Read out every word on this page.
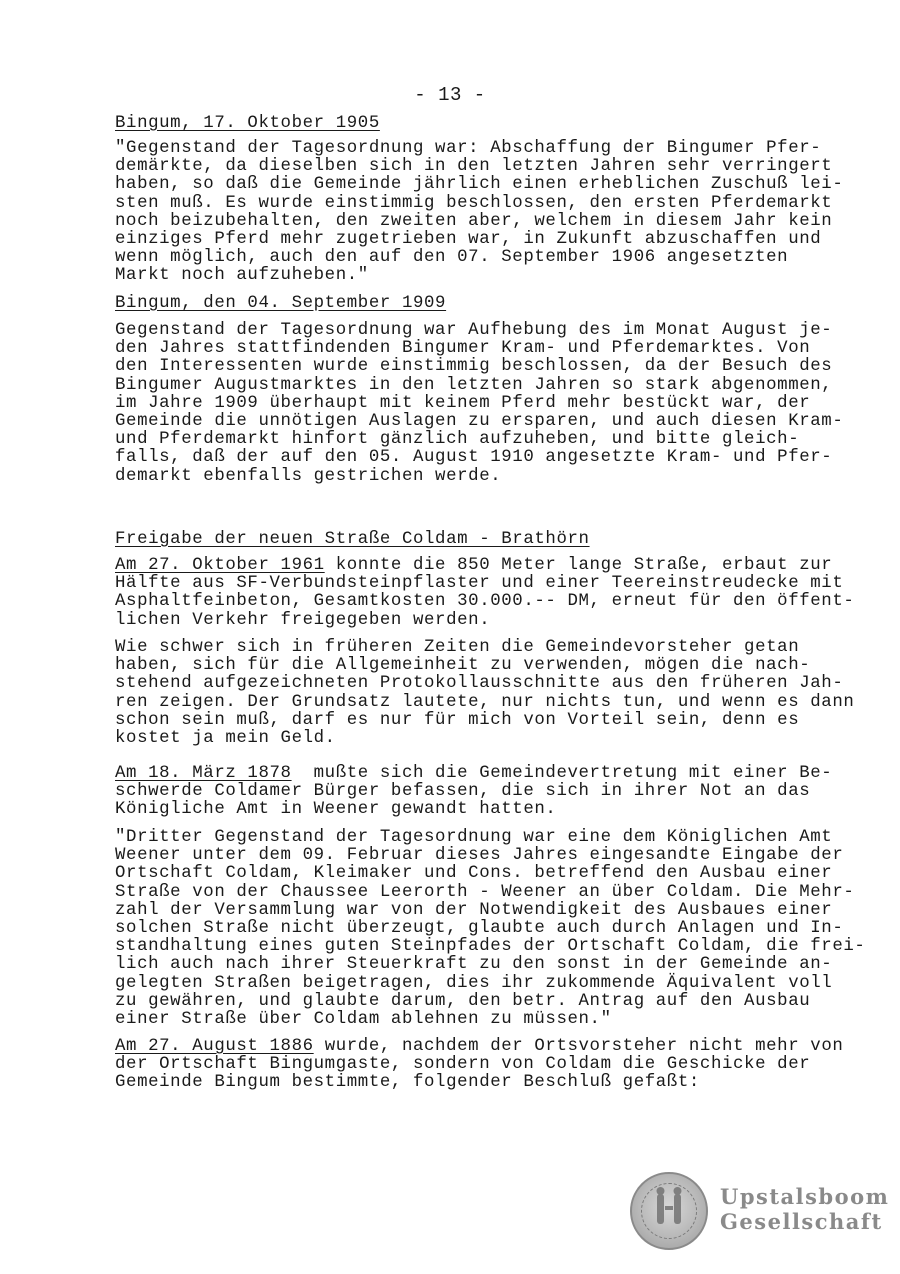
- 13 -
Bingum, 17. Oktober 1905
"Gegenstand der Tagesordnung war: Abschaffung der Bingumer Pfer-
demärkte, da dieselben sich in den letzten Jahren sehr verringert
haben, so daß die Gemeinde jährlich einen erheblichen Zuschuß lei-
sten muß. Es wurde einstimmig beschlossen, den ersten Pferdemarkt
noch beizubehalten, den zweiten aber, welchem in diesem Jahr kein
einziges Pferd mehr zugetrieben war, in Zukunft abzuschaffen und
wenn möglich, auch den auf den 07. September 1906 angesetzten
Markt noch aufzuheben."
Bingum, den 04. September 1909
Gegenstand der Tagesordnung war Aufhebung des im Monat August je-
den Jahres stattfindenden Bingumer Kram- und Pferdemarktes. Von
den Interessenten wurde einstimmig beschlossen, da der Besuch des
Bingumer Augustmarktes in den letzten Jahren so stark abgenommen,
im Jahre 1909 überhaupt mit keinem Pferd mehr bestückt war, der
Gemeinde die unnötigen Auslagen zu ersparen, und auch diesen Kram-
und Pferdemarkt hinfort gänzlich aufzuheben, und bitte gleich-
falls, daß der auf den 05. August 1910 angesetzte Kram- und Pfer-
demarkt ebenfalls gestrichen werde.
Freigabe der neuen Straße Coldam - Brathörn
Am 27. Oktober 1961 konnte die 850 Meter lange Straße, erbaut zur
Hälfte aus SF-Verbundsteinpflaster und einer Teereinstreudecke mit
Asphaltfeinbeton, Gesamtkosten 30.000.-- DM, erneut für den öffent-
lichen Verkehr freigegeben werden.
Wie schwer sich in früheren Zeiten die Gemeindevorsteher getan
haben, sich für die Allgemeinheit zu verwenden, mögen die nach-
stehend aufgezeichneten Protokollausschnitte aus den früheren Jah-
ren zeigen. Der Grundsatz lautete, nur nichts tun, und wenn es dann
schon sein muß, darf es nur für mich von Vorteil sein, denn es
kostet ja mein Geld.
Am 18. März 1878  mußte sich die Gemeindevertretung mit einer Be-
schwerde Coldamer Bürger befassen, die sich in ihrer Not an das
Königliche Amt in Weener gewandt hatten.
"Dritter Gegenstand der Tagesordnung war eine dem Königlichen Amt
Weener unter dem 09. Februar dieses Jahres eingesandte Eingabe der
Ortschaft Coldam, Kleimaker und Cons. betreffend den Ausbau einer
Straße von der Chaussee Leerorth - Weener an über Coldam. Die Mehr-
zahl der Versammlung war von der Notwendigkeit des Ausbaues einer
solchen Straße nicht überzeugt, glaubte auch durch Anlagen und In-
standhaltung eines guten Steinpfades der Ortschaft Coldam, die frei-
lich auch nach ihrer Steuerkraft zu den sonst in der Gemeinde an-
gelegten Straßen beigetragen, dies ihr zukommende Äquivalent voll
zu gewähren, und glaubte darum, den betr. Antrag auf den Ausbau
einer Straße über Coldam ablehnen zu müssen."
Am 27. August 1886 wurde, nachdem der Ortsvorsteher nicht mehr von
der Ortschaft Bingumgaste, sondern von Coldam die Geschicke der
Gemeinde Bingum bestimmte, folgender Beschluß gefaßt:
Upstalsboom
Gesellschaft
